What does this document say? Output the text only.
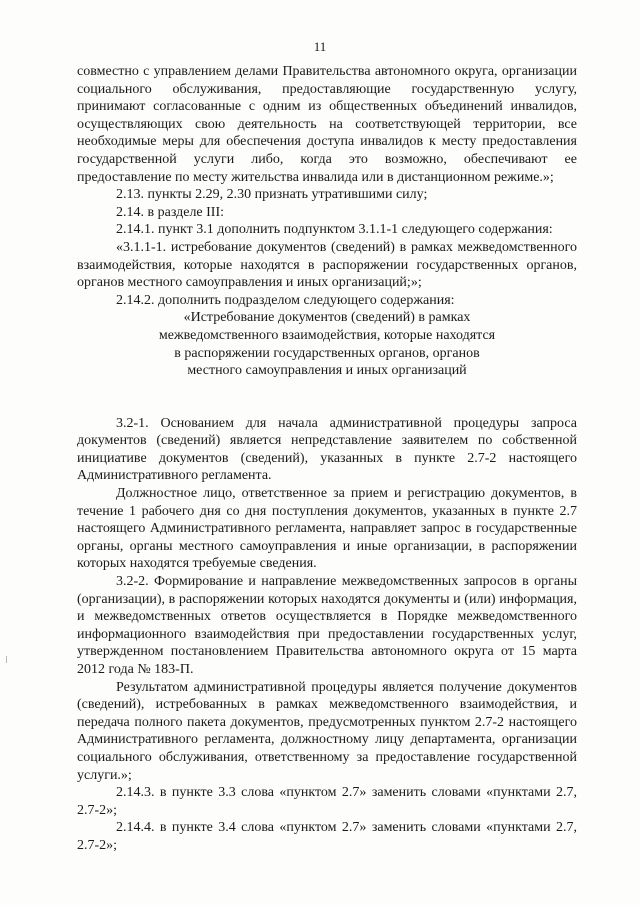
11

совместно с управлением делами Правительства автономного округа, организации социального обслуживания, предоставляющие государственную услугу, принимают согласованные с одним из общественных объединений инвалидов, осуществляющих свою деятельность на соответствующей территории, все необходимые меры для обеспечения доступа инвалидов к месту предоставления государственной услуги либо, когда это возможно, обеспечивают ее предоставление по месту жительства инвалида или в дистанционном режиме.»;

2.13. пункты 2.29, 2.30 признать утратившими силу;

2.14. в разделе III:

2.14.1. пункт 3.1 дополнить подпунктом 3.1.1-1 следующего содержания:

«3.1.1-1. истребование документов (сведений) в рамках межведомственного взаимодействия, которые находятся в распоряжении государственных органов, органов местного самоуправления и иных организаций;»;

2.14.2. дополнить подразделом следующего содержания:

«Истребование документов (сведений) в рамках

межведомственного взаимодействия, которые находятся

в распоряжении государственных органов, органов

местного самоуправления и иных организаций

3.2-1. Основанием для начала административной процедуры запроса документов (сведений) является непредставление заявителем по собственной инициативе документов (сведений), указанных в пункте 2.7-2 настоящего Административного регламента.

Должностное лицо, ответственное за прием и регистрацию документов, в течение 1 рабочего дня со дня поступления документов, указанных в пункте 2.7 настоящего Административного регламента, направляет запрос в государственные органы, органы местного самоуправления и иные организации, в распоряжении которых находятся требуемые сведения.

3.2-2. Формирование и направление межведомственных запросов в органы (организации), в распоряжении которых находятся документы и (или) информация, и межведомственных ответов осуществляется в Порядке межведомственного информационного взаимодействия при предоставлении государственных услуг, утвержденном постановлением Правительства автономного округа от 15 марта 2012 года № 183-П.

Результатом административной процедуры является получение документов (сведений), истребованных в рамках межведомственного взаимодействия, и передача полного пакета документов, предусмотренных пунктом 2.7-2 настоящего Административного регламента, должностному лицу департамента, организации социального обслуживания, ответственному за предоставление государственной услуги.»;

2.14.3. в пункте 3.3 слова «пунктом 2.7» заменить словами «пунктами 2.7, 2.7-2»;

2.14.4. в пункте 3.4 слова «пунктом 2.7» заменить словами «пунктами 2.7, 2.7-2»;
